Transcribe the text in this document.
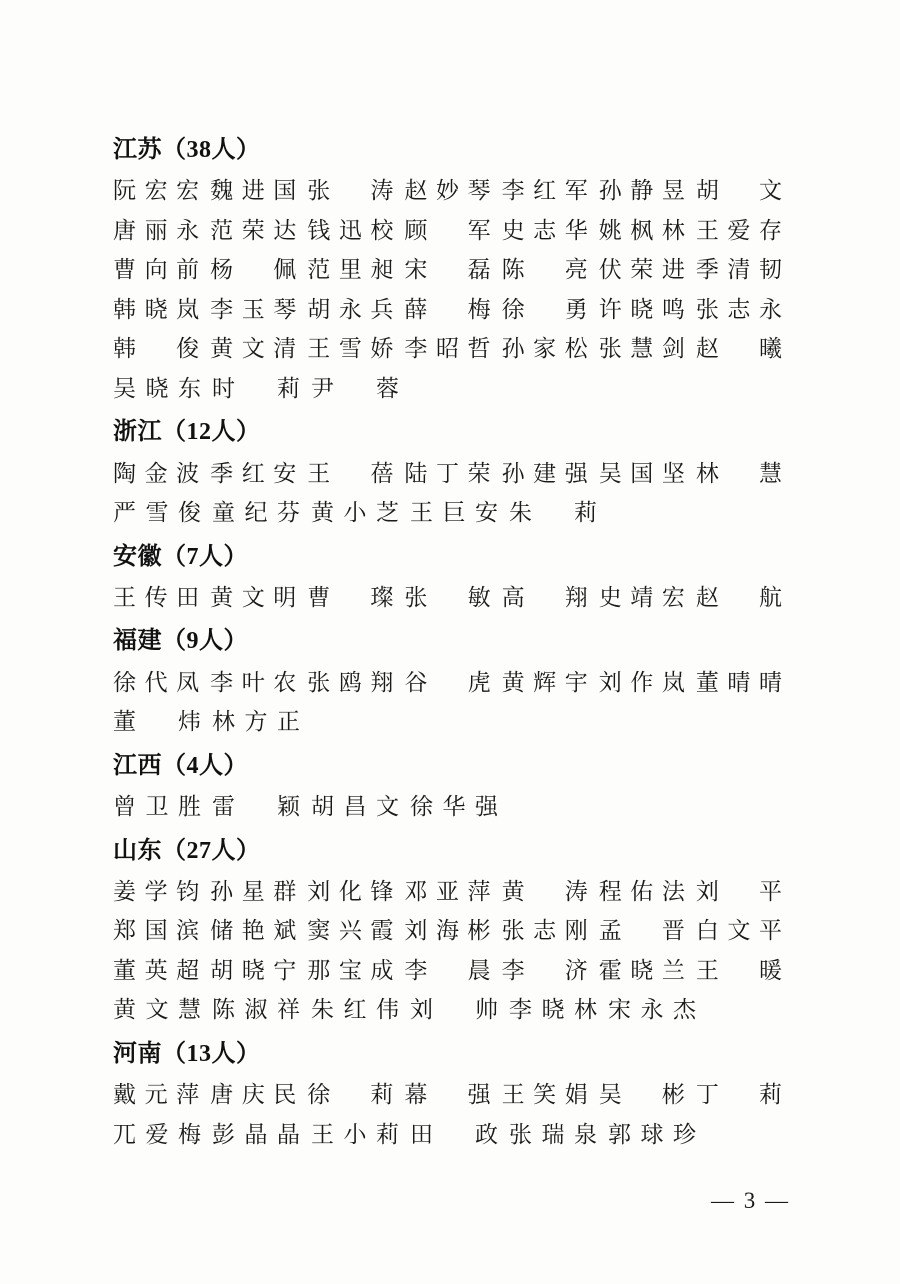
江苏（38人）
阮 宏 宏 魏 进 国 张 涛 赵 妙 琴 李 红 军 孙 静 昱 胡 文
唐 丽 永 范 荣 达 钱 迅 校 顾 军 史 志 华 姚 枫 林 王 爱 存
曹 向 前 杨 佩 范 里 昶 宋 磊 陈 亮 伏 荣 进 季 清 韧
韩 晓 岚 李 玉 琴 胡 永 兵 薛 梅 徐 勇 许 晓 鸣 张 志 永
韩 俊 黄 文 清 王 雪 娇 李 昭 哲 孙 家 松 张 慧 剑 赵 曦
吴 晓 东 时 莉 尹 蓉
浙江（12人）
陶 金 波 季 红 安 王 蓓 陆 丁 荣 孙 建 强 吴 国 坚 林 慧
严 雪 俊 童 纪 芬 黄 小 芝 王 巨 安 朱 莉
安徽（7人）
王 传 田 黄 文 明 曹 璨 张 敏 高 翔 史 靖 宏 赵 航
福建（9人）
徐 代 凤 李 叶 农 张 鸥 翔 谷 虎 黄 辉 宇 刘 作 岚 董 晴 晴
董 炜 林 方 正
江西（4人）
曾 卫 胜 雷 颖 胡 昌 文 徐 华 强
山东（27人）
姜 学 钧 孙 星 群 刘 化 锋 邓 亚 萍 黄 涛 程 佑 法 刘 平
郑 国 滨 储 艳 斌 窦 兴 霞 刘 海 彬 张 志 刚 孟 晋 白 文 平
董 英 超 胡 晓 宁 那 宝 成 李 晨 李 济 霍 晓 兰 王 暖
黄 文 慧 陈 淑 祥 朱 红 伟 刘 帅 李 晓 林 宋 永 杰
河南（13人）
戴 元 萍 唐 庆 民 徐 莉 幕 强 王 笑 娟 吴 彬 丁 莉
兀 爱 梅 彭 晶 晶 王 小 莉 田 政 张 瑞 泉 郭 球 珍
— 3 —
